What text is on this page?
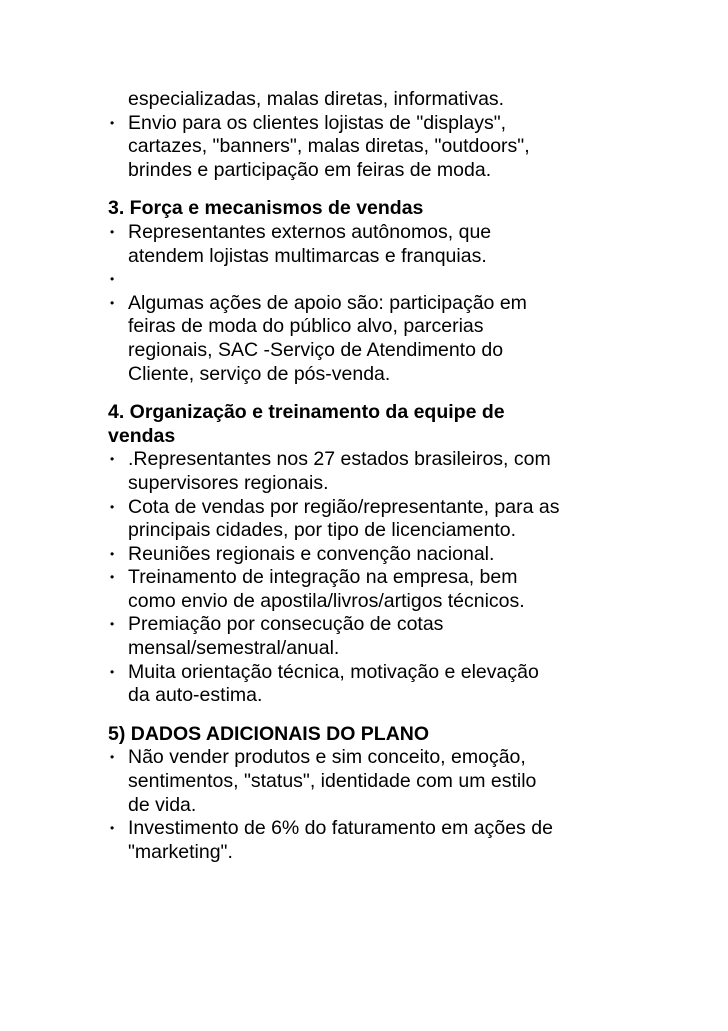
especializadas, malas diretas, informativas.
• Envio para os clientes lojistas de "displays",
cartazes, "banners", malas diretas, "outdoors",
brindes e participação em feiras de moda.
3. Força e mecanismos de vendas
• Representantes externos autônomos, que
atendem lojistas multimarcas e franquias.
•
• Algumas ações de apoio são: participação em
feiras de moda do público alvo, parcerias
regionais, SAC -Serviço de Atendimento do
Cliente, serviço de pós-venda.
4. Organização e treinamento da equipe de
vendas
• .Representantes nos 27 estados brasileiros, com
supervisores regionais.
• Cota de vendas por região/representante, para as
principais cidades, por tipo de licenciamento.
• Reuniões regionais e convenção nacional.
• Treinamento de integração na empresa, bem
como envio de apostila/livros/artigos técnicos.
• Premiação por consecução de cotas
mensal/semestral/anual.
• Muita orientação técnica, motivação e elevação
da auto-estima.
5) DADOS ADICIONAIS DO PLANO
• Não vender produtos e sim conceito, emoção,
sentimentos, "status", identidade com um estilo
de vida.
• Investimento de 6% do faturamento em ações de
"marketing".
